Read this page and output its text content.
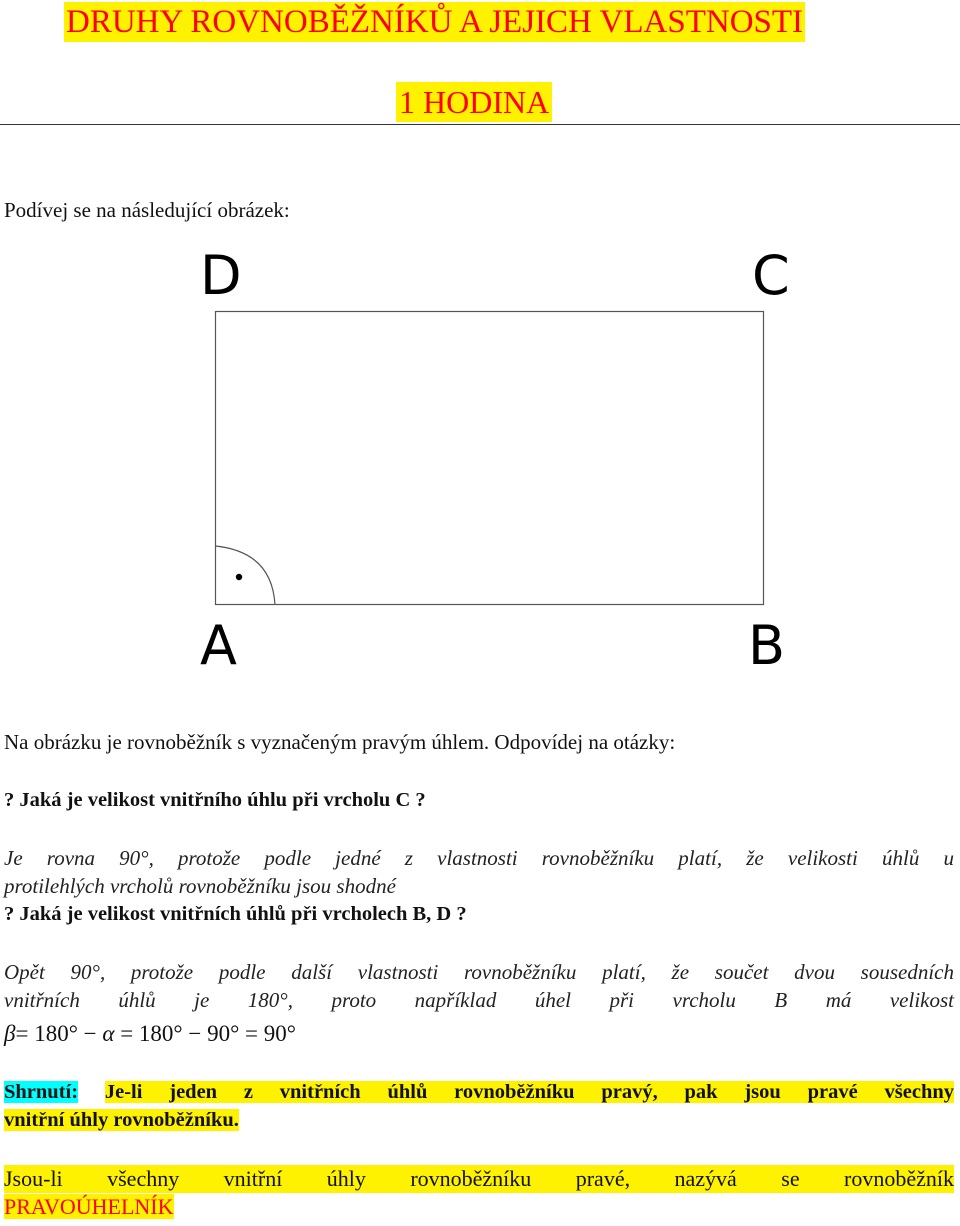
DRUHY ROVNOBĚŽNÍKŮ A JEJICH VLASTNOSTI
1 HODINA
Podívej se na následující obrázek:
D	C
A	B
Na obrázku je rovnoběžník s vyznačeným pravým úhlem. Odpovídej na otázky:
? Jaká je velikost vnitřního úhlu při vrcholu C ?
Je rovna 90°, protože podle jedné z vlastnosti rovnoběžníku platí, že velikosti úhlů u
protilehlých vrcholů rovnoběžníku jsou shodné
? Jaká je velikost vnitřních úhlů při vrcholech B, D ?
Opět 90°, protože podle další vlastnosti rovnoběžníku platí, že součet dvou sousedních
vnitřních úhlů je 180°, proto například úhel při vrcholu B má velikost
β= 180° − α = 180° − 90° = 90°
Shrnutí: Je-li jeden z vnitřních úhlů rovnoběžníku pravý, pak jsou pravé všechny
vnitřní úhly rovnoběžníku.
Jsou-li všechny vnitřní úhly rovnoběžníku pravé, nazývá se rovnoběžník
PRAVOÚHELNÍK
